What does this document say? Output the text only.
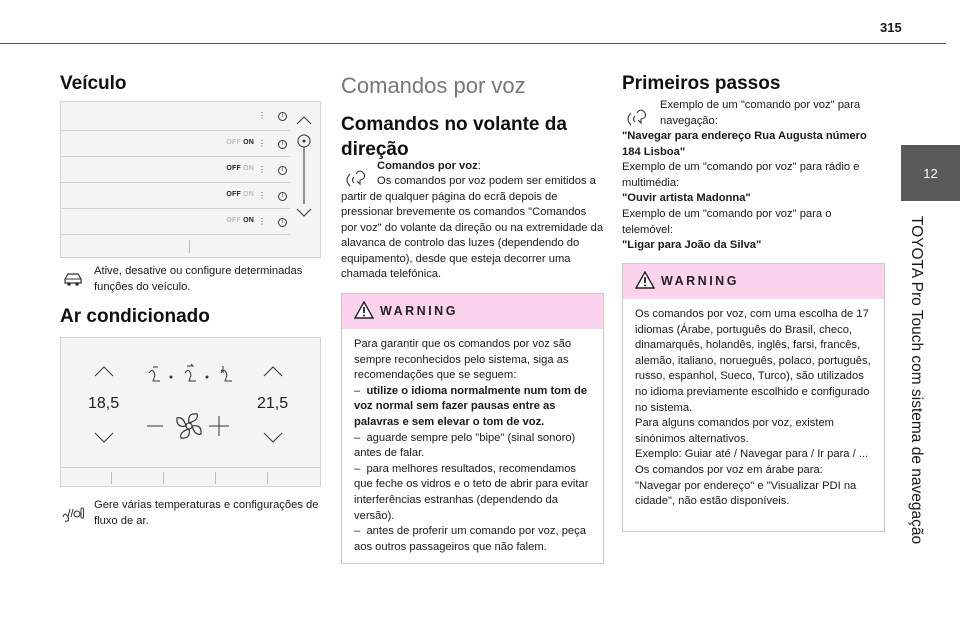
315
12
TOYOTA Pro Touch com sistema de navegação
Veículo
⋮	i
OFF ON ⋮	i
OFF ON ⋮	i
OFF ON ⋮	i
OFF ON ⋮	i
Ative, desative ou configure determinadas funções do veículo.
Ar condicionado
18,5	21,5
Gere várias temperaturas e configurações de fluxo de ar.
Comandos por voz
Comandos no volante da direção
Comandos por voz:
Os comandos por voz podem ser emitidos a partir de qualquer página do ecrã depois de pressionar brevemente os comandos "Comandos por voz" do volante da direção ou na extremidade da alavanca de controlo das luzes (dependendo do equipamento), desde que esteja decorrer uma chamada telefónica.
WARNING

Para garantir que os comandos por voz são sempre reconhecidos pelo sistema, siga as recomendações que se seguem:

– utilize o idioma normalmente num tom de voz normal sem fazer pausas entre as palavras e sem elevar o tom de voz.

– aguarde sempre pelo "bipe" (sinal sonoro) antes de falar.

– para melhores resultados, recomendamos que feche os vidros e o teto de abrir para evitar interferências estranhas (dependendo da versão).

– antes de proferir um comando por voz, peça aos outros passageiros que não falem.

Primeiros passos
Exemplo de um "comando por voz" para navegação:
"Navegar para endereço Rua Augusta número 184 Lisboa"
Exemplo de um "comando por voz" para rádio e multimédia:
"Ouvir artista Madonna"
Exemplo de um "comando por voz" para o telemóvel:
"Ligar para João da Silva"
WARNING

Os comandos por voz, com uma escolha de 17 idiomas (Árabe, português do Brasil, checo, dinamarquês, holandês, inglês, farsi, francês, alemão, italiano, norueguês, polaco, português, russo, espanhol, Sueco, Turco), são utilizados no idioma previamente escolhido e configurado no sistema.

Para alguns comandos por voz, existem sinónimos alternativos.

Exemplo: Guiar até / Navegar para / Ir para / ...

Os comandos por voz em árabe para: "Navegar por endereço" e "Visualizar PDI na cidade", não estão disponíveis.
